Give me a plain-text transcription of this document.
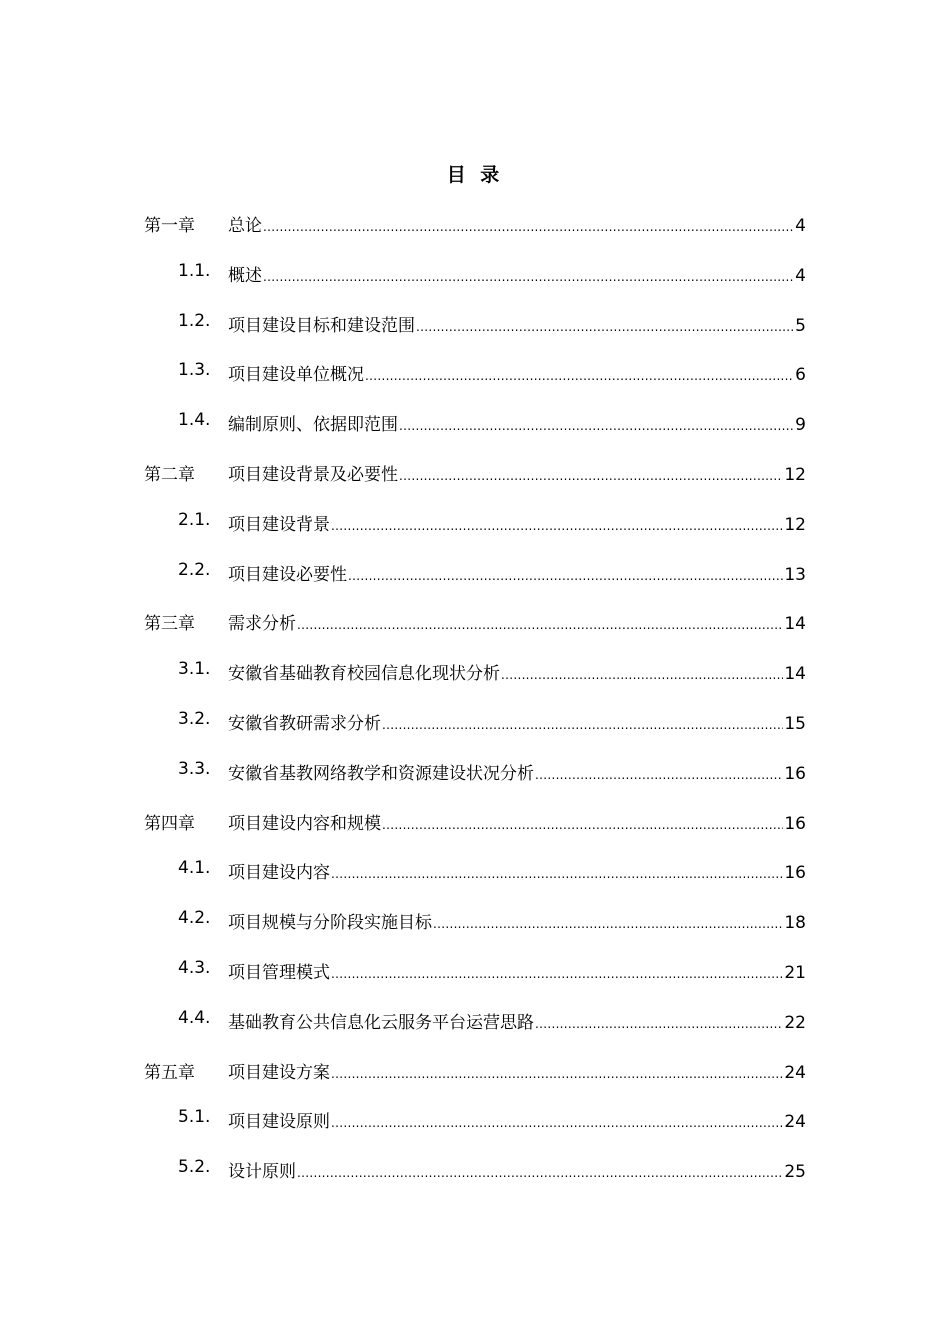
目 录
第一章 总论 .....	4
1.1. 概述 .....	4
1.2. 项目建设目标和建设范围 .....	5
1.3. 项目建设单位概况 .....	6
1.4. 编制原则、依据即范围 .....	9
第二章 项目建设背景及必要性 .....	12
2.1. 项目建设背景 .....	12
2.2. 项目建设必要性 .....	13
第三章 需求分析 .....	14
3.1. 安徽省基础教育校园信息化现状分析 .....	14
3.2. 安徽省教研需求分析 .....	15
3.3. 安徽省基教网络教学和资源建设状况分析 .....	16
第四章 项目建设内容和规模 .....	16
4.1. 项目建设内容 .....	16
4.2. 项目规模与分阶段实施目标 .....	18
4.3. 项目管理模式 .....	21
4.4. 基础教育公共信息化云服务平台运营思路 .....	22
第五章 项目建设方案 .....	24
5.1. 项目建设原则 .....	24
5.2. 设计原则 .....	25
